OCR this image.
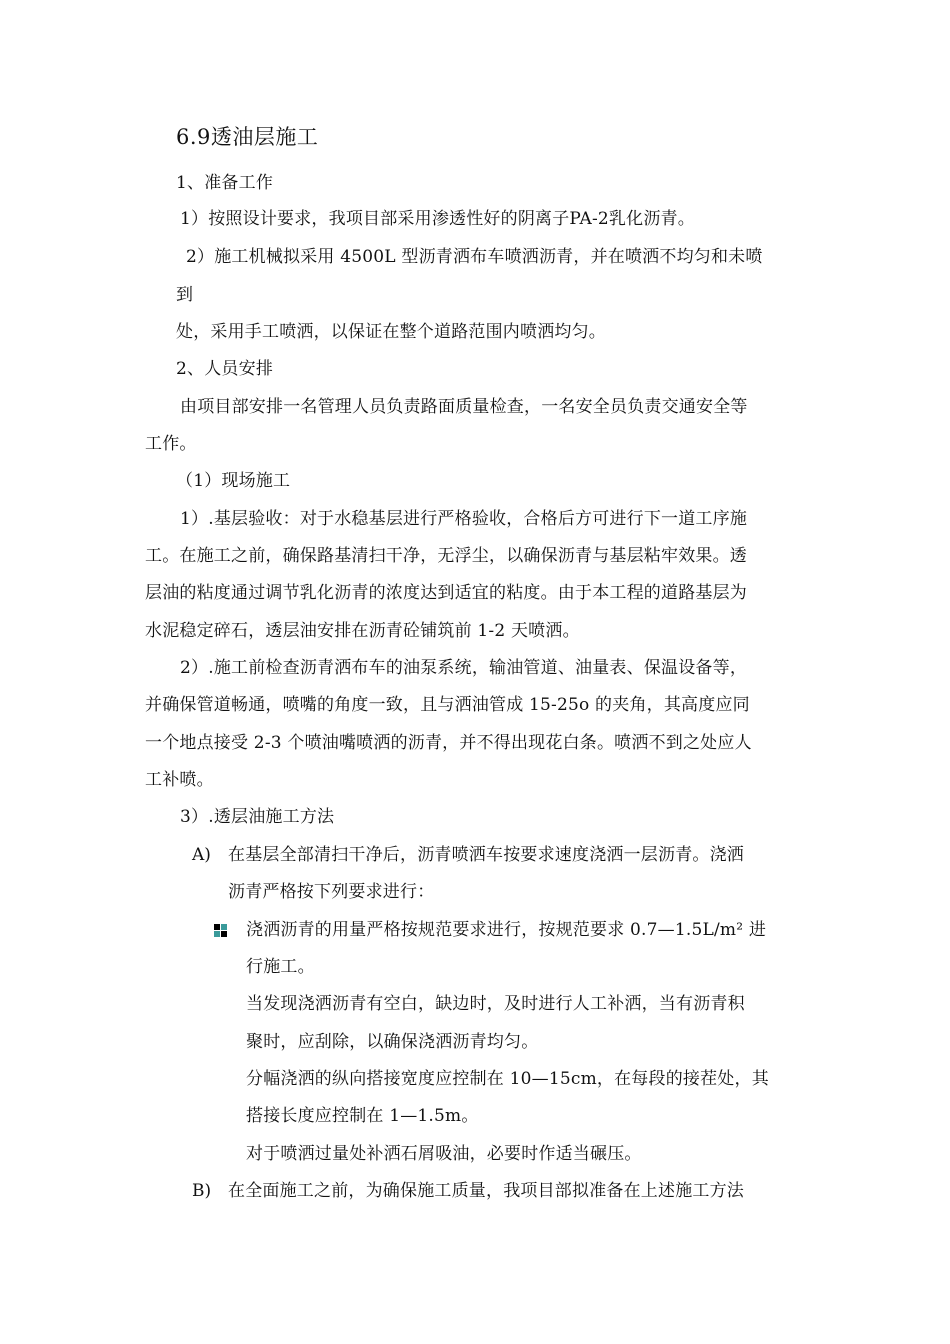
6.9透油层施工
1、准备工作
1）按照设计要求，我项目部采用渗透性好的阴离子PA-2乳化沥青。
2）施工机械拟采用 4500L 型沥青洒布车喷洒沥青，并在喷洒不均匀和未喷
到
处，采用手工喷洒，以保证在整个道路范围内喷洒均匀。
2、人员安排
由项目部安排一名管理人员负责路面质量检查，一名安全员负责交通安全等
工作。
（1）现场施工
1）.基层验收：对于水稳基层进行严格验收，合格后方可进行下一道工序施
工。在施工之前，确保路基清扫干净，无浮尘，以确保沥青与基层粘牢效果。透
层油的粘度通过调节乳化沥青的浓度达到适宜的粘度。由于本工程的道路基层为
水泥稳定碎石，透层油安排在沥青砼铺筑前 1-2 天喷洒。
2）.施工前检查沥青洒布车的油泵系统，输油管道、油量表、保温设备等，
并确保管道畅通，喷嘴的角度一致，且与洒油管成 15-25o 的夹角，其高度应同
一个地点接受 2-3 个喷油嘴喷洒的沥青，并不得出现花白条。喷洒不到之处应人
工补喷。
3）.透层油施工方法
A) 在基层全部清扫干净后，沥青喷洒车按要求速度浇洒一层沥青。浇洒
沥青严格按下列要求进行：
浇洒沥青的用量严格按规范要求进行，按规范要求 0.7—1.5L/m² 进
行施工。
当发现浇洒沥青有空白，缺边时，及时进行人工补洒，当有沥青积
聚时，应刮除，以确保浇洒沥青均匀。
分幅浇洒的纵向搭接宽度应控制在 10—15cm，在每段的接茬处，其
搭接长度应控制在 1—1.5m。
对于喷洒过量处补洒石屑吸油，必要时作适当碾压。
B) 在全面施工之前，为确保施工质量，我项目部拟准备在上述施工方法
